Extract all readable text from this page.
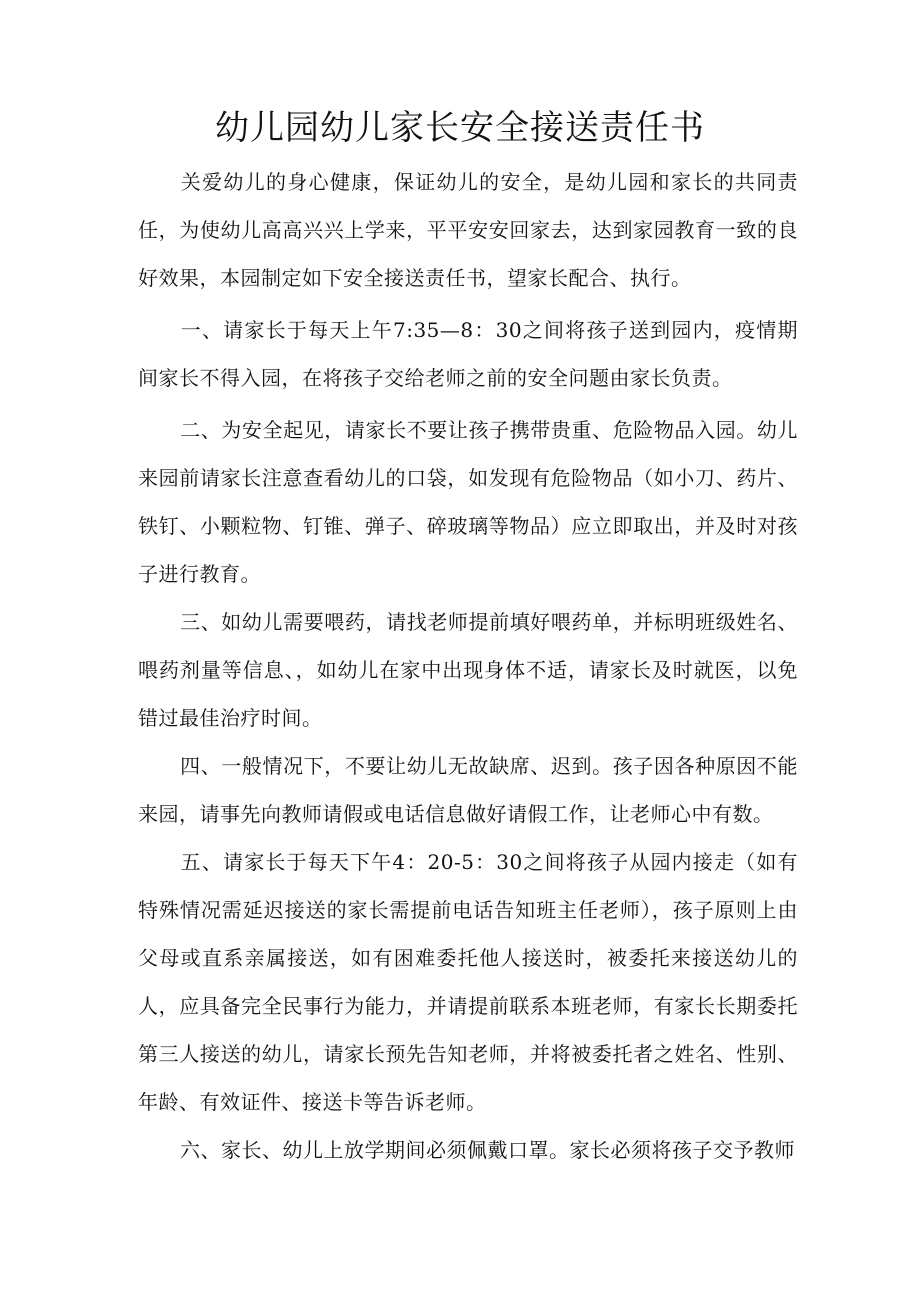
幼儿园幼儿家长安全接送责任书
关爱幼儿的身心健康，保证幼儿的安全，是幼儿园和家长的共同责任，为使幼儿高高兴兴上学来，平平安安回家去，达到家园教育一致的良好效果，本园制定如下安全接送责任书，望家长配合、执行。
一、请家长于每天上午7:35—8：30之间将孩子送到园内，疫情期间家长不得入园，在将孩子交给老师之前的安全问题由家长负责。
二、为安全起见，请家长不要让孩子携带贵重、危险物品入园。幼儿来园前请家长注意查看幼儿的口袋，如发现有危险物品（如小刀、药片、铁钉、小颗粒物、钉锥、弹子、碎玻璃等物品）应立即取出，并及时对孩子进行教育。
三、如幼儿需要喂药，请找老师提前填好喂药单，并标明班级姓名、喂药剂量等信息、，如幼儿在家中出现身体不适，请家长及时就医，以免错过最佳治疗时间。
四、一般情况下，不要让幼儿无故缺席、迟到。孩子因各种原因不能来园，请事先向教师请假或电话信息做好请假工作，让老师心中有数。
五、请家长于每天下午4：20-5：30之间将孩子从园内接走（如有特殊情况需延迟接送的家长需提前电话告知班主任老师），孩子原则上由父母或直系亲属接送，如有困难委托他人接送时，被委托来接送幼儿的人，应具备完全民事行为能力，并请提前联系本班老师，有家长长期委托第三人接送的幼儿，请家长预先告知老师，并将被委托者之姓名、性别、年龄、有效证件、接送卡等告诉老师。
六、家长、幼儿上放学期间必须佩戴口罩。家长必须将孩子交予教师
